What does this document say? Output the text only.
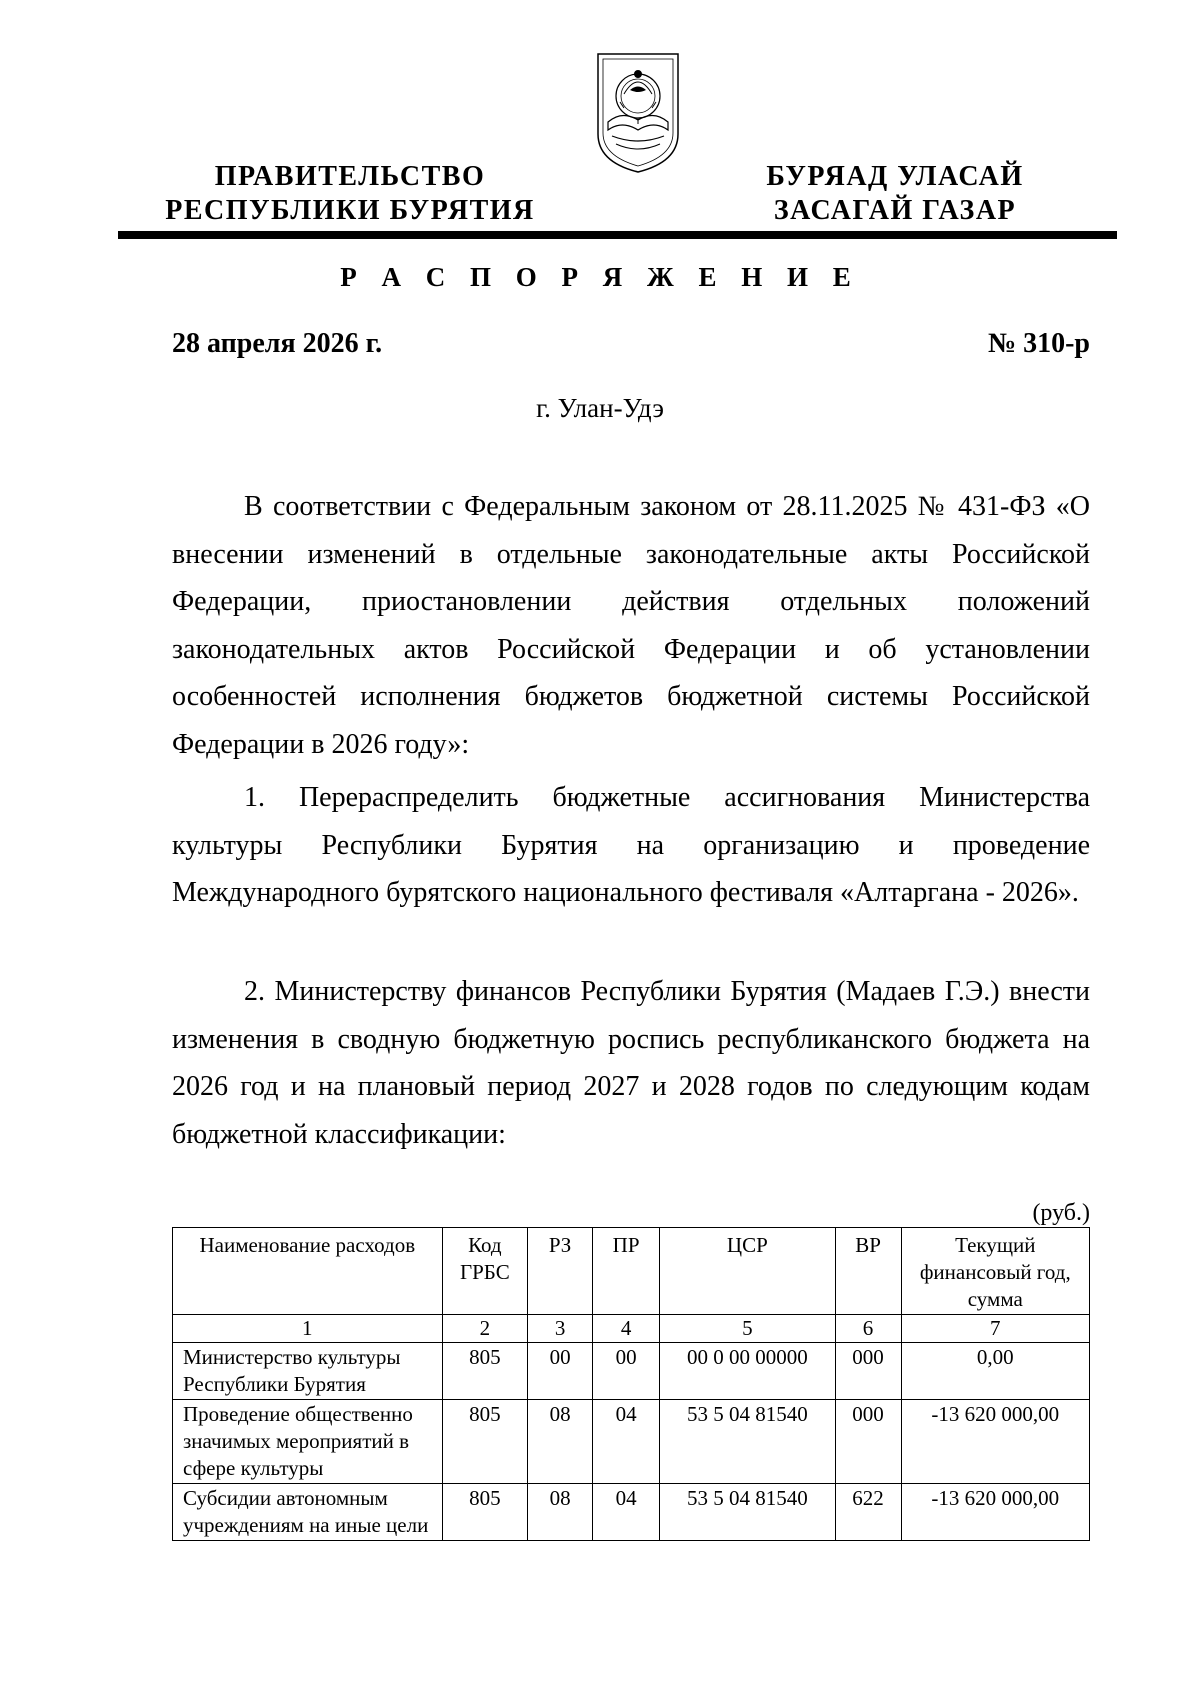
ПРАВИТЕЛЬСТВО
РЕСПУБЛИКИ БУРЯТИЯ
БУРЯАД УЛАСАЙ
ЗАСАГАЙ ГАЗАР
Р А С П О Р Я Ж Е Н И Е
28 апреля 2026 г.	№ 310-р
г. Улан-Удэ
В соответствии с Федеральным законом от 28.11.2025 № 431-ФЗ «О внесении изменений в отдельные законодательные акты Российской Федерации, приостановлении действия отдельных положений законодательных актов Российской Федерации и об установлении особенностей исполнения бюджетов бюджетной системы Российской Федерации в 2026 году»:
1. Перераспределить бюджетные ассигнования Министерства культуры Республики Бурятия на организацию и проведение Международного бурятского национального фестиваля «Алтаргана - 2026».
2. Министерству финансов Республики Бурятия (Мадаев Г.Э.) внести изменения в сводную бюджетную роспись республиканского бюджета на 2026 год и на плановый период 2027 и 2028 годов по следующим кодам бюджетной классификации:
(руб.)
Наименование расходов	Код ГРБС	РЗ	ПР	ЦСР	ВР	Текущий финансовый год, сумма
1	2	3	4	5	6	7
Министерство культуры Республики Бурятия	805	00	00	00 0 00 00000	000	0,00
Проведение общественно значимых мероприятий в сфере культуры	805	08	04	53 5 04 81540	000	-13 620 000,00
Субсидии автономным учреждениям на иные цели	805	08	04	53 5 04 81540	622	-13 620 000,00
